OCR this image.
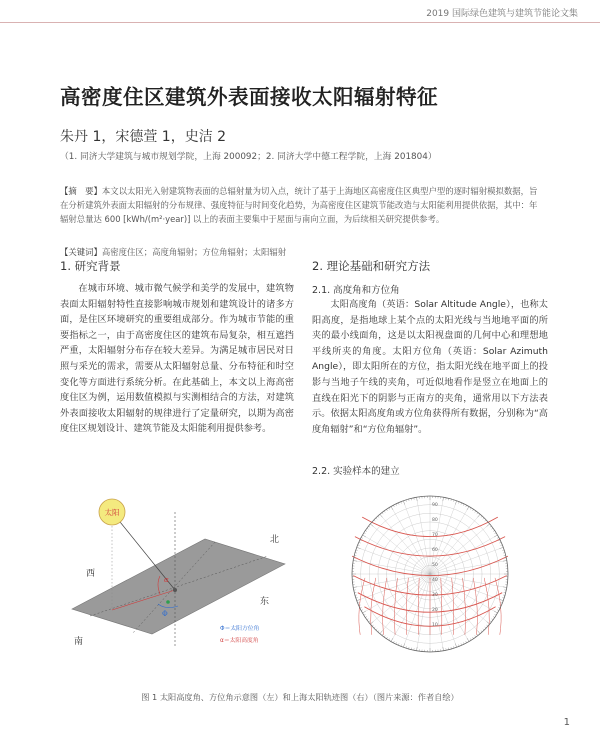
2019 国际绿色建筑与建筑节能论文集
高密度住区建筑外表面接收太阳辐射特征
朱丹 1，宋德萱 1，史洁 2
（1. 同济大学建筑与城市规划学院，上海 200092；2. 同济大学中德工程学院，上海 201804）
【摘　要】本文以太阳光入射建筑物表面的总辐射量为切入点，统计了基于上海地区高密度住区典型户型的逐时辐射模拟数据，旨在分析建筑外表面太阳辐射的分布规律、强度特征与时间变化趋势，为高密度住区建筑节能改造与太阳能利用提供依据，其中：年辐射总量达 600 [kWh/(m²·year)] 以上的表面主要集中于屋面与南向立面，为后续相关研究提供参考。
【关键词】高密度住区；高度角辐射；方位角辐射；太阳辐射
1. 研究背景
在城市环境、城市微气候学和美学的发展中，建筑物表面太阳辐射特性直接影响城市规划和建筑设计的诸多方面，是住区环境研究的重要组成部分。作为城市节能的重要指标之一，由于高密度住区的建筑布局复杂，相互遮挡严重，太阳辐射分布存在较大差异。为满足城市居民对日照与采光的需求，需要从太阳辐射总量、分布特征和时空变化等方面进行系统分析。在此基础上，本文以上海高密度住区为例，运用数值模拟与实测相结合的方法，对建筑外表面接收太阳辐射的规律进行了定量研究，以期为高密度住区规划设计、建筑节能及太阳能利用提供参考。
2. 理论基础和研究方法
2.1. 高度角和方位角
太阳高度角（英语：Solar Altitude Angle），也称太阳高度，是指地球上某个点的太阳光线与当地地平面的所夹的最小线面角，这是以太阳视盘面的几何中心和理想地平线所夹的角度。太阳方位角（英语：Solar Azimuth Angle），即太阳所在的方位，指太阳光线在地平面上的投影与当地子午线的夹角，可近似地看作是竖立在地面上的直线在阳光下的阴影与正南方的夹角，通常用以下方法表示。依据太阳高度角或方位角获得所有数据，分别称为“高度角辐射”和“方位角辐射”。
2.2. 实验样本的建立
太阳
α
Φ
北
西
东
南
Φ＝太阳方位角
α＝太阳高度角
90
80
70
60
50
40
30
20
10
图 1 太阳高度角、方位角示意图（左）和上海太阳轨迹图（右）（图片来源：作者自绘）
1
